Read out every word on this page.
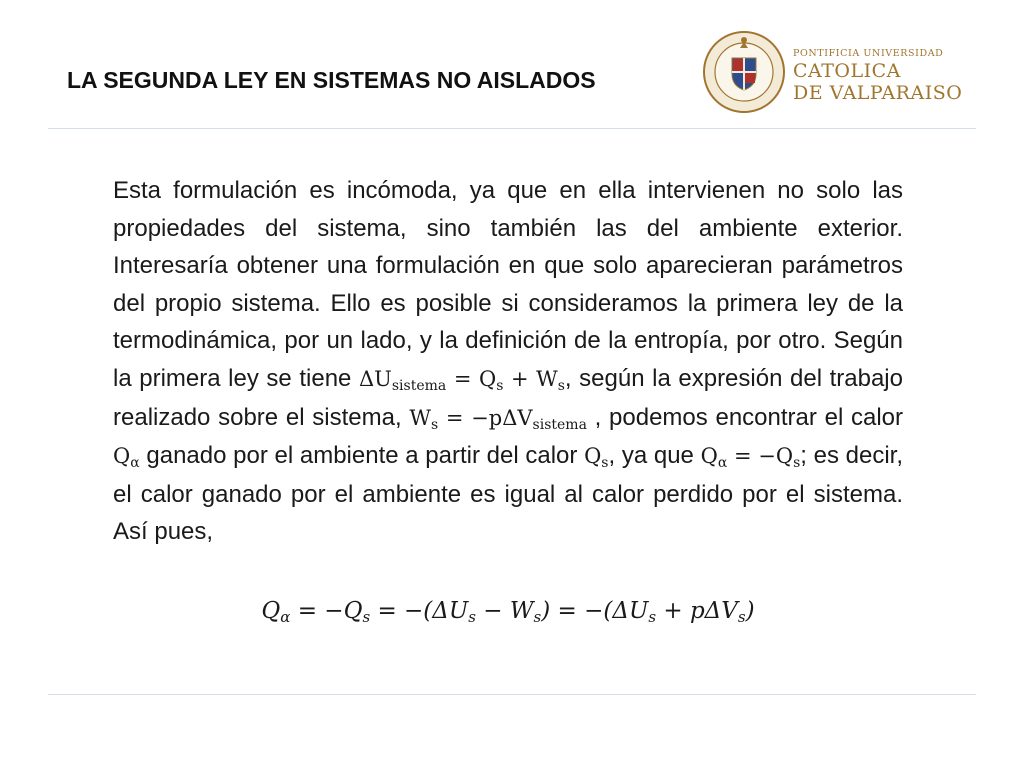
LA SEGUNDA LEY EN SISTEMAS NO AISLADOS
PONTIFICIA UNIVERSIDAD
CATOLICA
DE VALPARAISO
Esta formulación es incómoda, ya que en ella intervienen no solo las propiedades del sistema, sino también las del ambiente exterior. Interesaría obtener una formulación en que solo aparecieran parámetros del propio sistema. Ello es posible si consideramos la primera ley de la termodinámica, por un lado, y la definición de la entropía, por otro. Según la primera ley se tiene $\Delta U_{sistema} = Q_s + W_s$, según la expresión del trabajo realizado sobre el sistema, $W_s = -p\Delta V_{sistema}$ , podemos encontrar el calor $Q_\alpha$ ganado por el ambiente a partir del calor $Q_s$, ya que $Q_\alpha = -Q_s$; es decir, el calor ganado por el ambiente es igual al calor perdido por el sistema. Así pues,
$Q_\alpha = -Q_s = -(\Delta U_s - W_s) = -(\Delta U_s + p\Delta V_s)$
